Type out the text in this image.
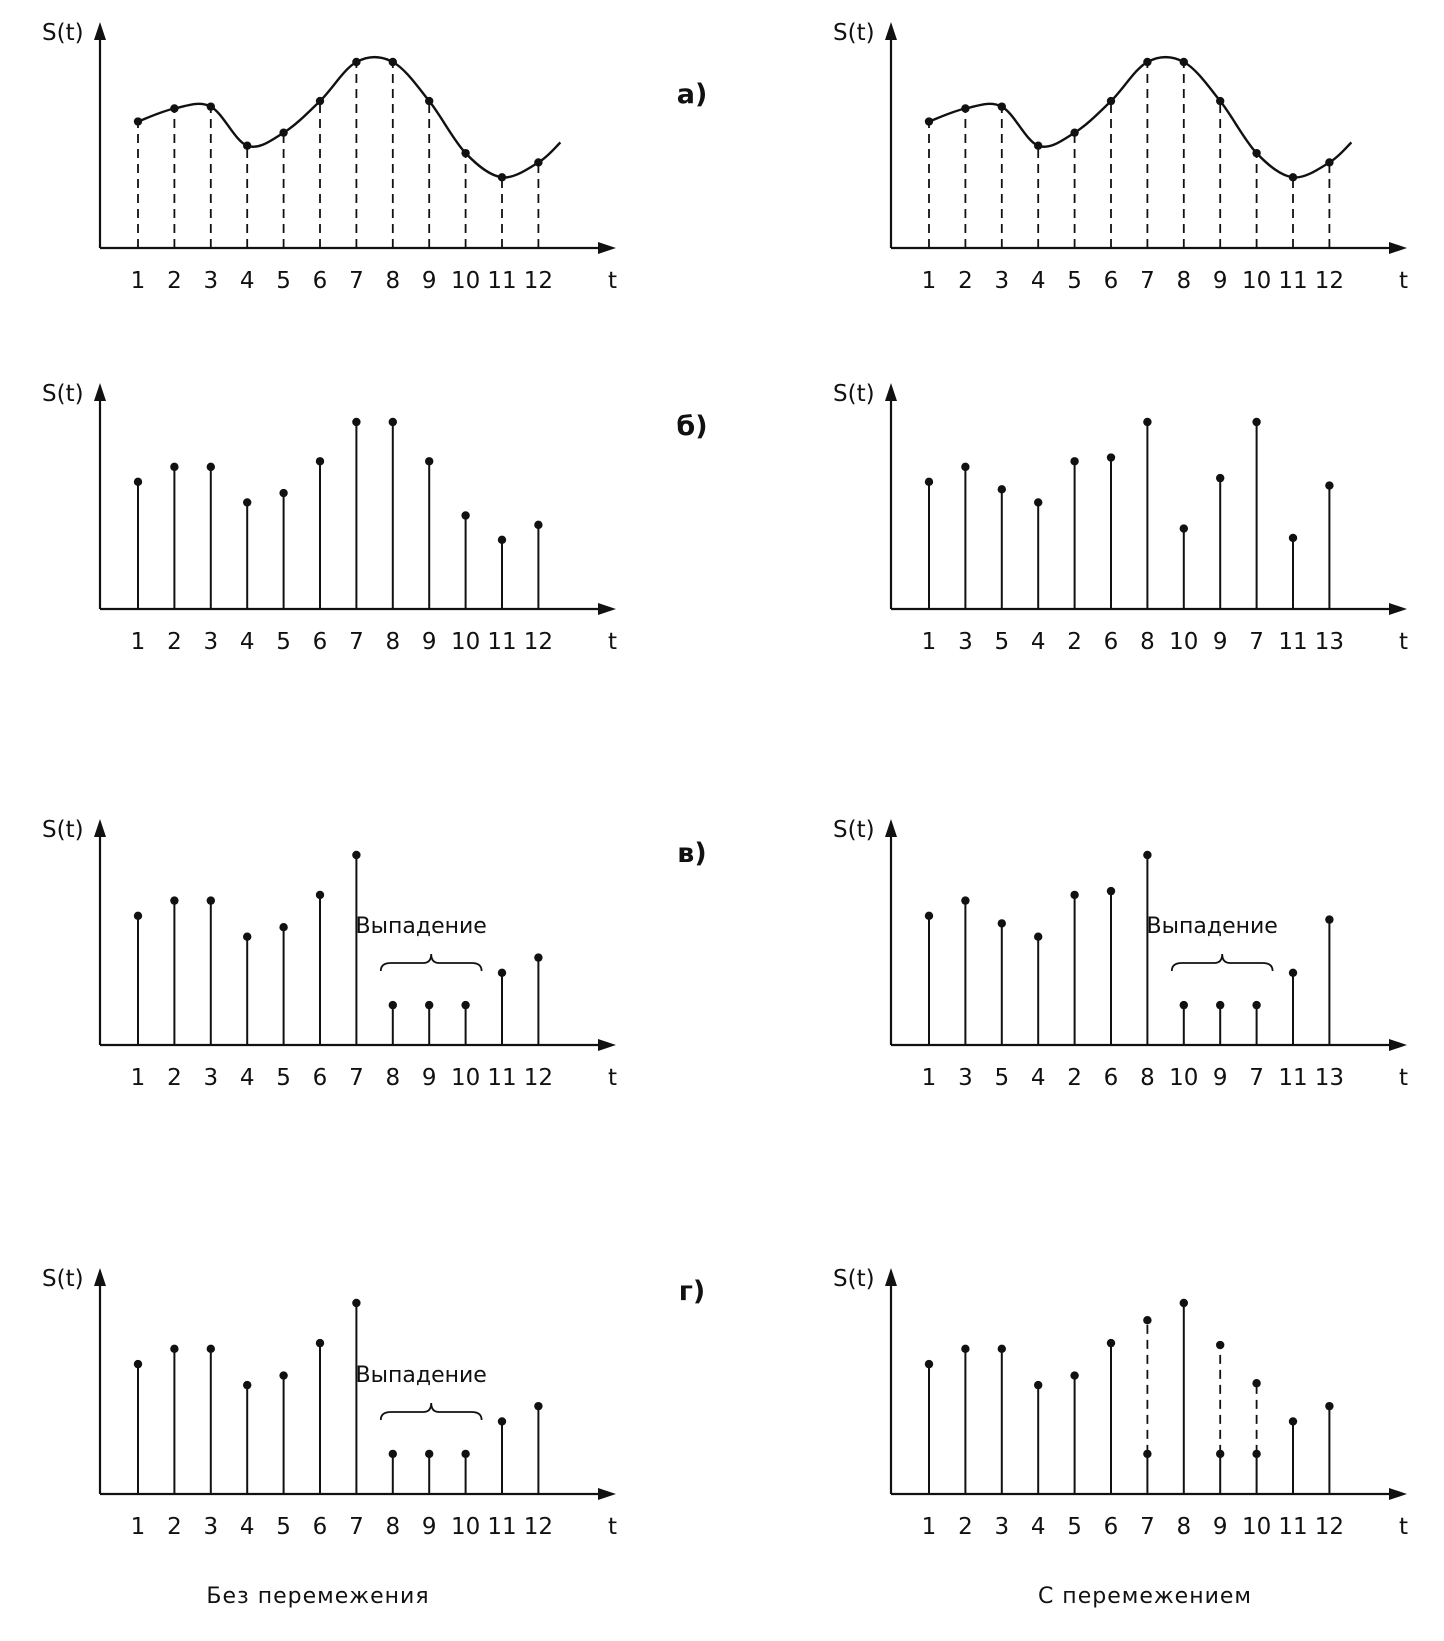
S(t)
t
1 2 3 4 5 6 7 8 9 10 11 12
S(t)
t
1 2 3 4 5 6 7 8 9 10 11 12
S(t)
t
1 2 3 4 5 6 7 8 9 10 11 12
S(t)
t
1 3 5 4 2 6 8 10 9 7 11 13
S(t)
t
1 2 3 4 5 6 7 8 9 10 11 12
Выпадение
S(t)
t
1 3 5 4 2 6 8 10 9 7 11 13
Выпадение
S(t)
t
1 2 3 4 5 6 7 8 9 10 11 12
Выпадение
S(t)
t
1 2 3 4 5 6 7 8 9 10 11 12
а)
б)
в)
г)
Без перемежения	С перемежением
